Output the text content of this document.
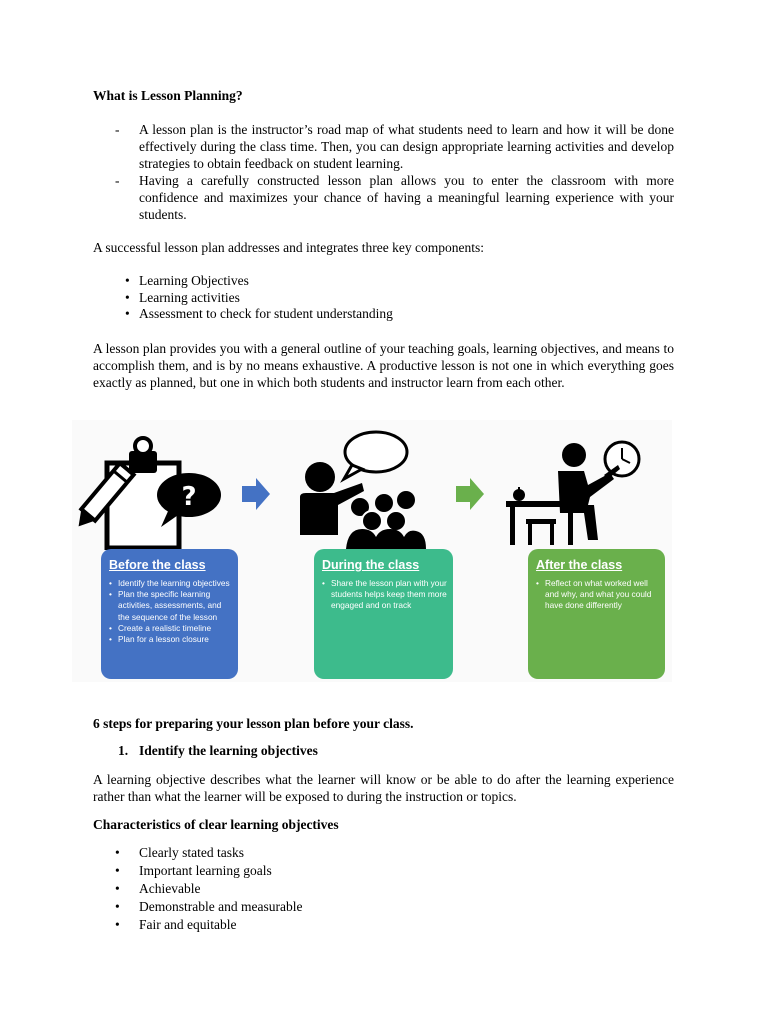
What is Lesson Planning?
- A lesson plan is the instructor’s road map of what students need to learn and how it will be done effectively during the class time. Then, you can design appropriate learning activities and develop strategies to obtain feedback on student learning.
- Having a carefully constructed lesson plan allows you to enter the classroom with more confidence and maximizes your chance of having a meaningful learning experience with your students.
A successful lesson plan addresses and integrates three key components:
• Learning Objectives
• Learning activities
• Assessment to check for student understanding
A lesson plan provides you with a general outline of your teaching goals, learning objectives, and means to accomplish them, and is by no means exhaustive. A productive lesson is not one in which everything goes exactly as planned, but one in which both students and instructor learn from each other.
?
Before the class
• Identify the learning objectives
• Plan the specific learning activities, assessments, and the sequence of the lesson
• Create a realistic timeline
• Plan for a lesson closure
During the class
• Share the lesson plan with your students helps keep them more engaged and on track
After the class
• Reflect on what worked well and why, and what you could have done differently
6 steps for preparing your lesson plan before your class.
1. Identify the learning objectives
A learning objective describes what the learner will know or be able to do after the learning experience rather than what the learner will be exposed to during the instruction or topics.
Characteristics of clear learning objectives
• Clearly stated tasks
• Important learning goals
• Achievable
• Demonstrable and measurable
• Fair and equitable
